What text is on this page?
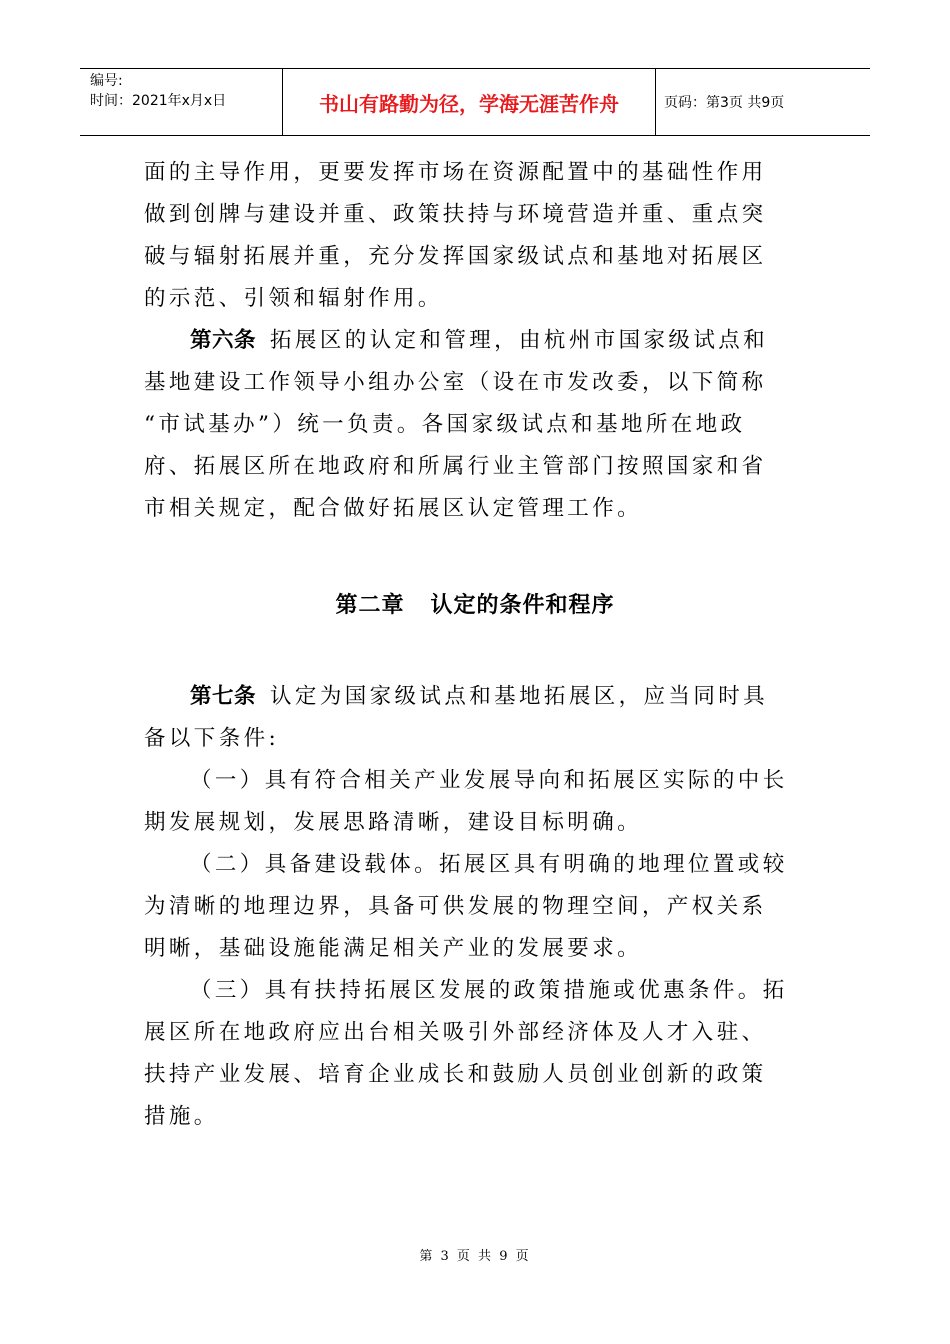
编号:
时间：2021年x月x日	书山有路勤为径，学海无涯苦作舟	页码：第3页 共9页

面的主导作用，更要发挥市场在资源配置中的基础性作用

做到创牌与建设并重、政策扶持与环境营造并重、重点突

破与辐射拓展并重，充分发挥国家级试点和基地对拓展区

的示范、引领和辐射作用。

第六条 拓展区的认定和管理，由杭州市国家级试点和

基地建设工作领导小组办公室（设在市发改委，以下简称

“市试基办”）统一负责。各国家级试点和基地所在地政

府、拓展区所在地政府和所属行业主管部门按照国家和省

市相关规定，配合做好拓展区认定管理工作。

第二章   认定的条件和程序

第七条 认定为国家级试点和基地拓展区，应当同时具

备以下条件:

（一）具有符合相关产业发展导向和拓展区实际的中长

期发展规划，发展思路清晰，建设目标明确。

（二）具备建设载体。拓展区具有明确的地理位置或较

为清晰的地理边界，具备可供发展的物理空间，产权关系

明晰，基础设施能满足相关产业的发展要求。

（三）具有扶持拓展区发展的政策措施或优惠条件。拓

展区所在地政府应出台相关吸引外部经济体及人才入驻、

扶持产业发展、培育企业成长和鼓励人员创业创新的政策

措施。

第 3 页 共 9 页
